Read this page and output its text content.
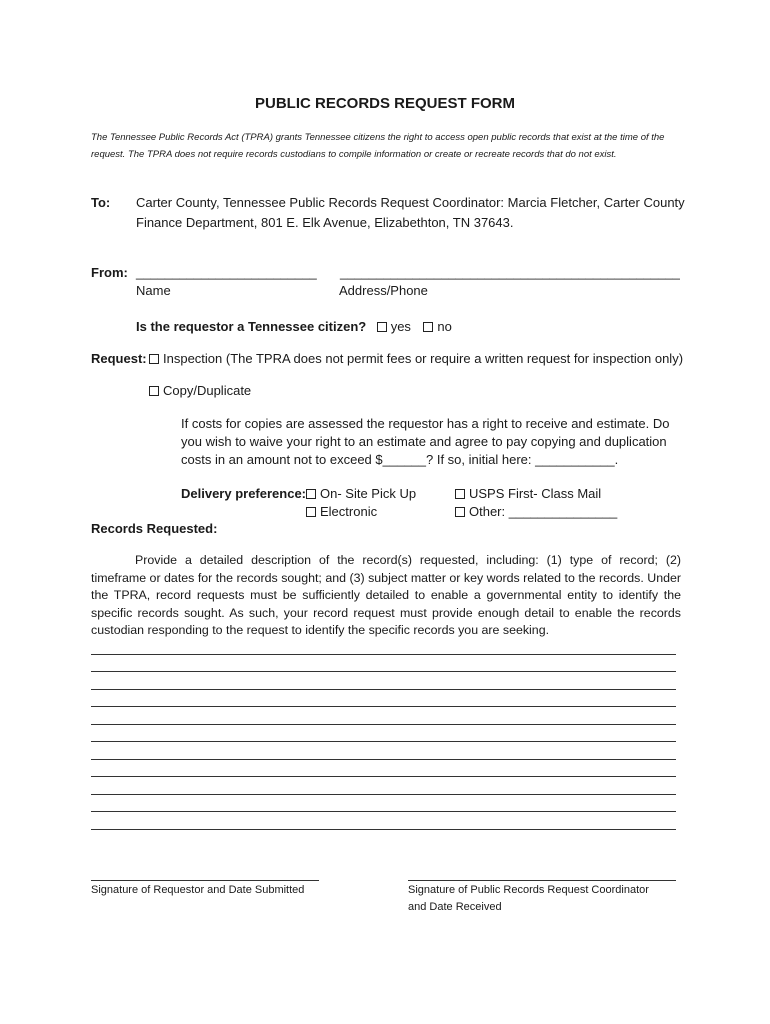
PUBLIC RECORDS REQUEST FORM
The Tennessee Public Records Act (TPRA) grants Tennessee citizens the right to access open public records that exist at the time of the request. The TPRA does not require records custodians to compile information or create or recreate records that do not exist.
To: Carter County, Tennessee Public Records Request Coordinator: Marcia Fletcher, Carter County
Finance Department, 801 E. Elk Avenue, Elizabethton, TN 37643.
From: _________________________ _______________________________________________
Name	Address/Phone
Is the requestor a Tennessee citizen? yes no
Request:	Inspection (The TPRA does not permit fees or require a written request for inspection only)
Copy/Duplicate
If costs for copies are assessed the requestor has a right to receive and estimate. Do
you wish to waive your right to an estimate and agree to pay copying and duplication
costs in an amount not to exceed $______? If so, initial here: ___________.
Delivery preference:	On- Site Pick Up	USPS First- Class Mail
Electronic	Other: _______________
Records Requested:
Provide a detailed description of the record(s) requested, including: (1) type of record; (2) timeframe or dates for the records sought; and (3) subject matter or key words related to the records. Under the TPRA, record requests must be sufficiently detailed to enable a governmental entity to identify the specific records sought. As such, your record request must provide enough detail to enable the records custodian responding to the request to identify the specific records you are seeking.
Signature of Requestor and Date Submitted	Signature of Public Records Request Coordinator
and Date Received
